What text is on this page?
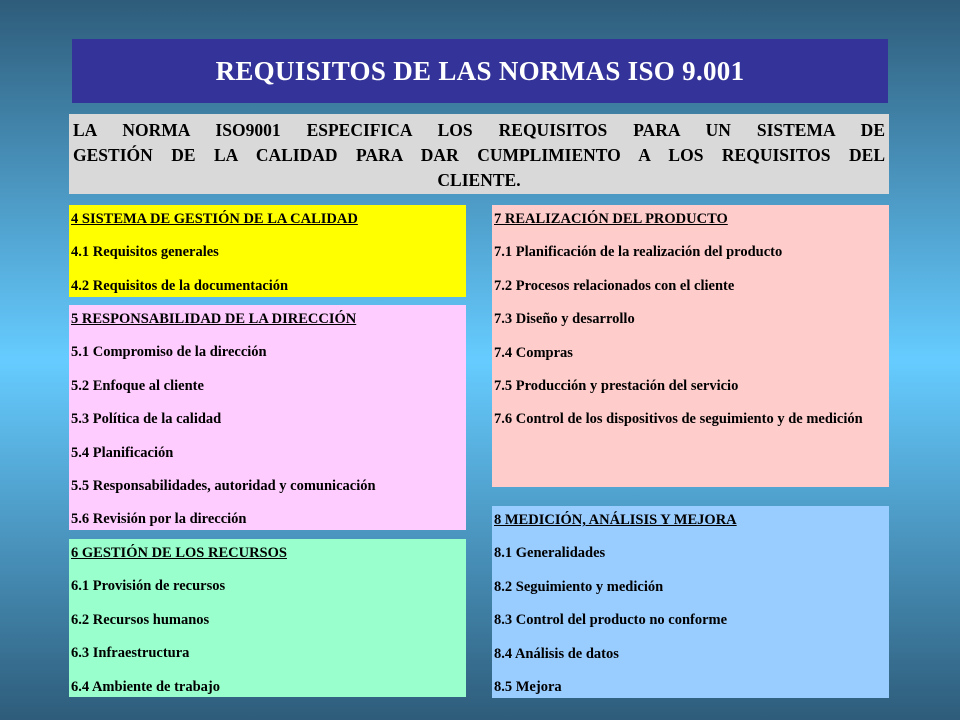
REQUISITOS DE LAS NORMAS ISO 9.001
LA NORMA ISO9001 ESPECIFICA LOS REQUISITOS PARA UN SISTEMA DE
GESTIÓN DE LA CALIDAD PARA DAR CUMPLIMIENTO A LOS REQUISITOS DEL
CLIENTE.
4 SISTEMA DE GESTIÓN DE LA CALIDAD
4.1 Requisitos generales
4.2 Requisitos de la documentación
5 RESPONSABILIDAD DE LA DIRECCIÓN
5.1 Compromiso de la dirección
5.2 Enfoque al cliente
5.3 Política de la calidad
5.4 Planificación
5.5 Responsabilidades, autoridad y comunicación
5.6 Revisión por la dirección
6 GESTIÓN DE LOS RECURSOS
6.1 Provisión de recursos
6.2 Recursos humanos
6.3 Infraestructura
6.4 Ambiente de trabajo
7 REALIZACIÓN DEL PRODUCTO
7.1 Planificación de la realización del producto
7.2 Procesos relacionados con el cliente
7.3 Diseño y desarrollo
7.4 Compras
7.5 Producción y prestación del servicio
7.6 Control de los dispositivos de seguimiento y de medición
8 MEDICIÓN, ANÁLISIS Y MEJORA
8.1 Generalidades
8.2 Seguimiento y medición
8.3 Control del producto no conforme
8.4 Análisis de datos
8.5 Mejora
